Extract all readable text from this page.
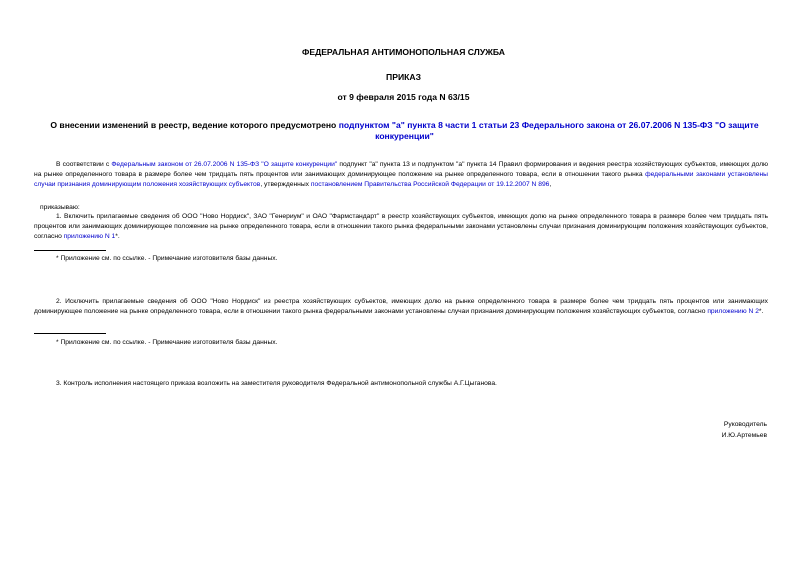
ФЕДЕРАЛЬНАЯ АНТИМОНОПОЛЬНАЯ СЛУЖБА
ПРИКАЗ
от 9 февраля 2015 года N 63/15
О внесении изменений в реестр, ведение которого предусмотрено подпунктом "а" пункта 8 части 1 статьи 23 Федерального закона от 26.07.2006 N 135-ФЗ "О защите конкуренции"
В соответствии с Федеральным законом от 26.07.2006 N 135-ФЗ "О защите конкуренции" подпункт "а" пункта 13 и подпунктом "а" пункта 14 Правил формирования и ведения реестра хозяйствующих субъектов, имеющих долю на рынке определенного товара в размере более чем тридцать пять процентов или занимающих доминирующее положение на рынке определенного товара, если в отношении такого рынка федеральными законами установлены случаи признания доминирующим положения хозяйствующих субъектов, утвержденных постановлением Правительства Российской Федерации от 19.12.2007 N 896,
приказываю:
1. Включить прилагаемые сведения об ООО "Ново Нордиск", ЗАО "Генериум" и ОАО "Фармстандарт" в реестр хозяйствующих субъектов, имеющих долю на рынке определенного товара в размере более чем тридцать пять процентов или занимающих доминирующее положение на рынке определенного товара, если в отношении такого рынка федеральными законами установлены случаи признания доминирующим положения хозяйствующих субъектов, согласно приложению N 1*.
* Приложение см. по ссылке. - Примечание изготовителя базы данных.
2. Исключить прилагаемые сведения об ООО "Ново Нордиск" из реестра хозяйствующих субъектов, имеющих долю на рынке определенного товара в размере более чем тридцать пять процентов или занимающих доминирующее положение на рынке определенного товара, если в отношении такого рынка федеральными законами установлены случаи признания доминирующим положения хозяйствующих субъектов, согласно приложению N 2*.
* Приложение см. по ссылке. - Примечание изготовителя базы данных.
3. Контроль исполнения настоящего приказа возложить на заместителя руководителя Федеральной антимонопольной службы А.Г.Цыганова.
Руководитель
И.Ю.Артемьев
